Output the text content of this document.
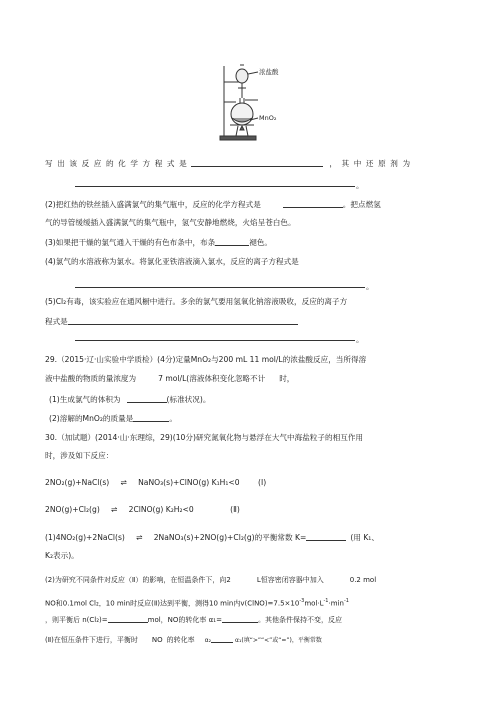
浓盐酸
MnO₂
写出该反应的化学方程式是	，其中还原剂为
。
(2)把红热的铁丝插入盛满氯气的集气瓶中，反应的化学方程式是	。把点燃氢
气的导管缓缓插入盛满氯气的集气瓶中，氢气安静地燃烧，火焰呈苍白色。
(3)如果把干燥的氯气通入干燥的有色布条中，布条	褪色。
(4)氯气的水溶液称为氯水。将氯化亚铁溶液滴入氯水，反应的离子方程式是
。
(5)Cl₂有毒，该实验应在通风橱中进行。多余的氯气要用氢氧化钠溶液吸收，反应的离子方
程式是
。
29.（2015·辽·山实验中学质检）(4分)定量MnO₂与200 mL 11 mol/L的浓盐酸反应，当所得溶
液中盐酸的物质的量浓度为	7 mol/L(溶液体积变化忽略不计 时，
(1)生成氯气的体积为	(标准状况)。
(2)溶解的MnO₂的质量是	。
30.（加试题）(2014·山·东理综，29)(10分)研究氮氧化物与悬浮在大气中海盐粒子的相互作用
时，涉及如下反应：
2NO₂(g)+NaCl(s) ⇌ NaNO₃(s)+ClNO(g) K₁H₁<0 (Ⅰ)
2NO(g)+Cl₂(g) ⇌ 2ClNO(g) K₂H₂<0	(Ⅱ)
(1)4NO₂(g)+2NaCl(s) ⇌ 2NaNO₃(s)+2NO(g)+Cl₂(g)的平衡常数 K=	(用 K₁、
K₂表示)。
(2)为研究不同条件对反应（Ⅱ）的影响，在恒温条件下，向2	L恒容密闭容器中加入	0.2 mol
NO和0.1mol Cl₂，10 min时反应(Ⅱ)达到平衡，测得10 min内$v(ClNO)=7.5\times 10^{-3}mol\cdot L^{-1}\cdot\min^{-1}$
，则平衡后 n(Cl₂)=	mol，NO的转化率 α₁=	。其他条件保持不变，反应
(Ⅱ)在恒压条件下进行，平衡时 NO 的转化率 α₂	α₁(填“>”“<”或“=”)，平衡常数
